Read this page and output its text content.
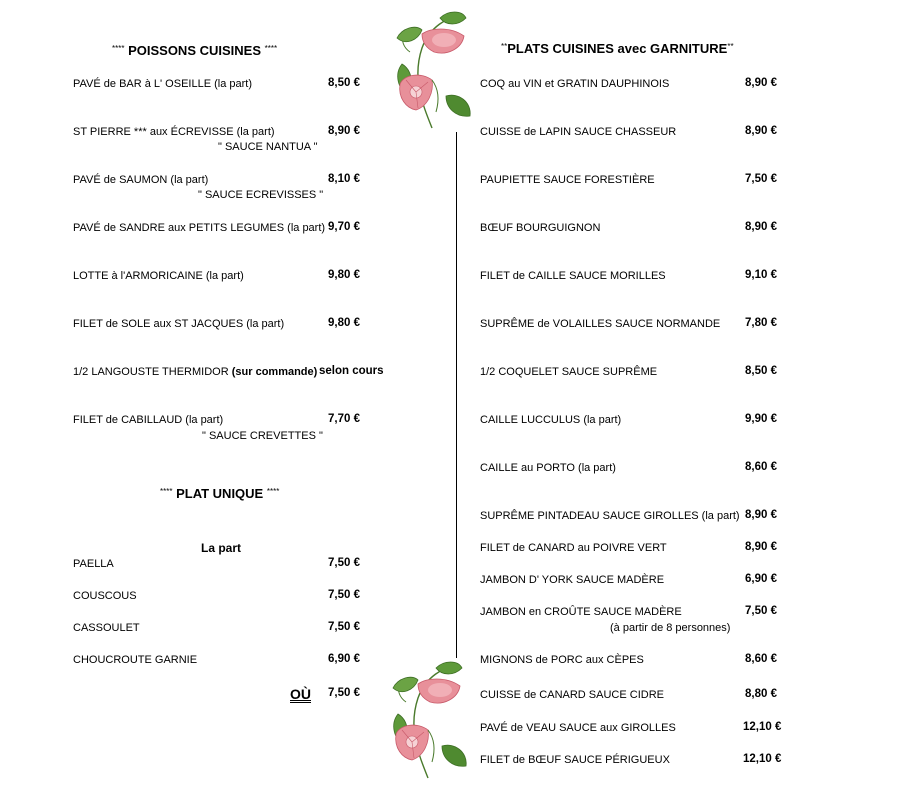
**** POISSONS CUISINES ****
PAVÉ de BAR à L' OSEILLE (la part)	8,50 €
ST PIERRE *** aux ÉCREVISSE (la part)	8,90 €
" SAUCE NANTUA "
PAVÉ de SAUMON (la part)	8,10 €
" SAUCE ECREVISSES "
PAVÉ de SANDRE aux PETITS LEGUMES (la part) 9,70 €
LOTTE à l'ARMORICAINE (la part)	9,80 €
FILET de SOLE aux ST JACQUES (la part)	9,80 €
1/2 LANGOUSTE THERMIDOR (sur commande) selon cours
FILET de CABILLAUD (la part)	7,70 €
" SAUCE CREVETTES "
**** PLAT UNIQUE ****
La part
PAELLA	7,50 €
COUSCOUS	7,50 €
CASSOULET	7,50 €
CHOUCROUTE GARNIE	6,90 €
OÙ 7,50 €
**PLATS CUISINES avec GARNITURE**
COQ au VIN et GRATIN DAUPHINOIS	8,90 €
CUISSE de LAPIN SAUCE CHASSEUR	8,90 €
PAUPIETTE SAUCE FORESTIÈRE	7,50 €
BŒUF BOURGUIGNON	8,90 €
FILET de CAILLE SAUCE MORILLES	9,10 €
SUPRÊME de VOLAILLES SAUCE NORMANDE 7,80 €
1/2 COQUELET SAUCE SUPRÊME	8,50 €
CAILLE LUCCULUS (la part)	9,90 €
CAILLE au PORTO (la part)	8,60 €
SUPRÊME PINTADEAU SAUCE GIROLLES (la part) 8,90 €
FILET de CANARD au POIVRE VERT	8,90 €
JAMBON D' YORK SAUCE MADÈRE	6,90 €
JAMBON en CROÛTE SAUCE MADÈRE	7,50 €
(à partir de 8 personnes)
MIGNONS de PORC aux CÈPES	8,60 €
CUISSE de CANARD SAUCE CIDRE	8,80 €
PAVÉ de VEAU SAUCE aux GIROLLES	12,10 €
FILET de BŒUF SAUCE PÉRIGUEUX	12,10 €
